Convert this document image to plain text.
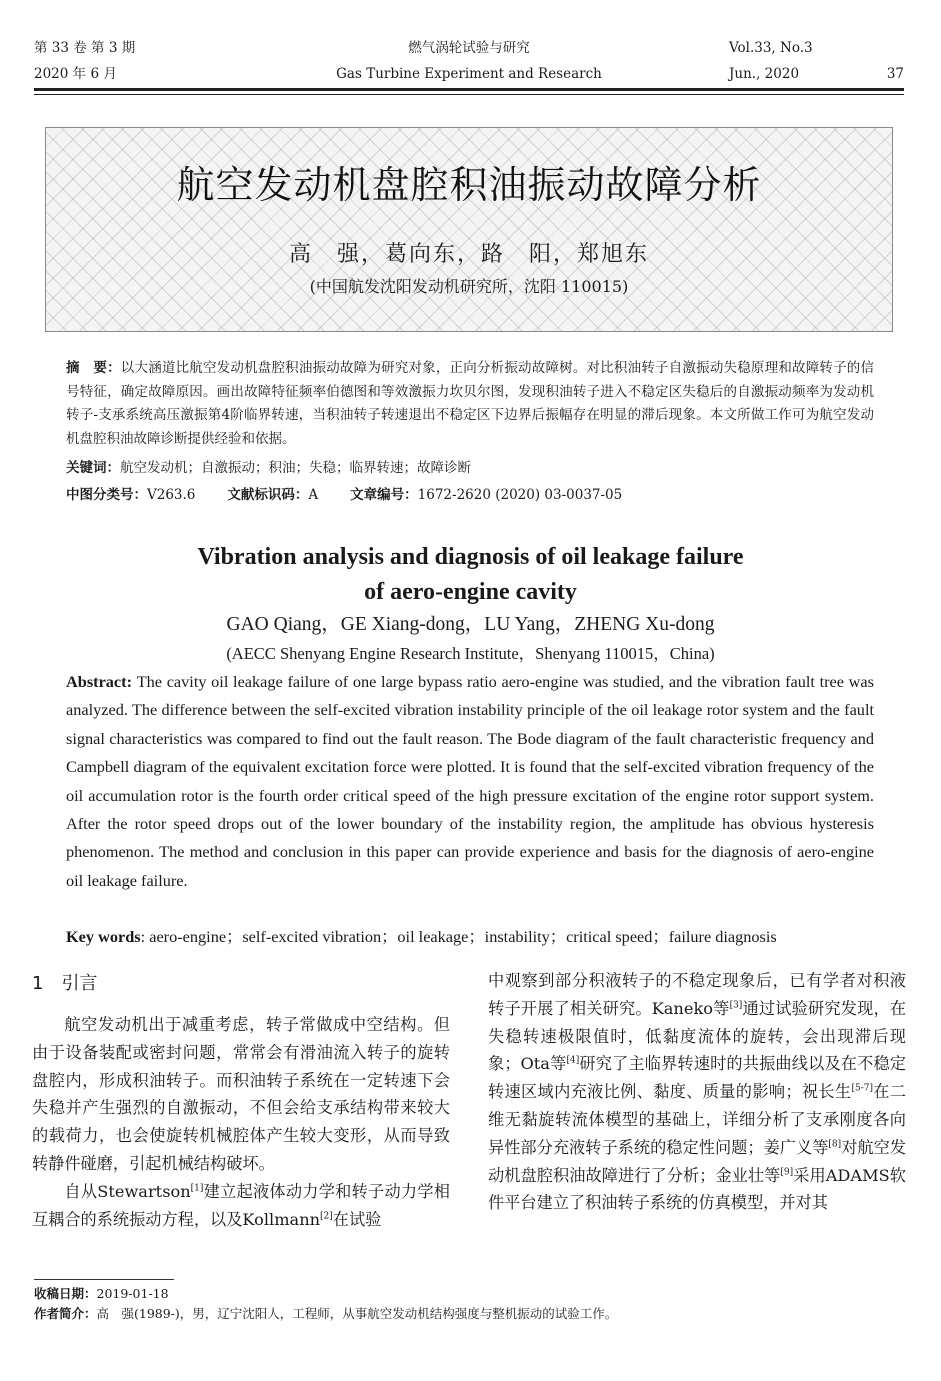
第 33 卷 第 3 期	燃气涡轮试验与研究	Vol.33, No.3
2020 年 6 月	Gas Turbine Experiment and Research	Jun., 2020	37
航空发动机盘腔积油振动故障分析
高　强，葛向东，路　阳，郑旭东
(中国航发沈阳发动机研究所，沈阳 110015)
摘　要：以大涵道比航空发动机盘腔积油振动故障为研究对象，正向分析振动故障树。对比积油转子自激振动失稳原理和故障转子的信号特征，确定故障原因。画出故障特征频率伯德图和等效激振力坎贝尔图，发现积油转子进入不稳定区失稳后的自激振动频率为发动机转子-支承系统高压激振第4阶临界转速，当积油转子转速退出不稳定区下边界后振幅存在明显的滞后现象。本文所做工作可为航空发动机盘腔积油故障诊断提供经验和依据。
关键词：航空发动机；自激振动；积油；失稳；临界转速；故障诊断
中图分类号：V263.6 文献标识码：A 文章编号：1672-2620 (2020) 03-0037-05
Vibration analysis and diagnosis of oil leakage failure
of aero-engine cavity
GAO Qiang，GE Xiang-dong，LU Yang，ZHENG Xu-dong
(AECC Shenyang Engine Research Institute，Shenyang 110015，China)
Abstract: The cavity oil leakage failure of one large bypass ratio aero-engine was studied, and the vibration fault tree was analyzed. The difference between the self-excited vibration instability principle of the oil leakage rotor system and the fault signal characteristics was compared to find out the fault reason. The Bode diagram of the fault characteristic frequency and Campbell diagram of the equivalent excitation force were plotted. It is found that the self-excited vibration frequency of the oil accumulation rotor is the fourth order critical speed of the high pressure excitation of the engine rotor support system. After the rotor speed drops out of the lower boundary of the instability region, the amplitude has obvious hysteresis phenomenon. The method and conclusion in this paper can provide experience and basis for the diagnosis of aero-engine oil leakage failure.
Key words: aero-engine；self-excited vibration；oil leakage；instability；critical speed；failure diagnosis
1　引言

航空发动机出于减重考虑，转子常做成中空结构。但由于设备装配或密封问题，常常会有滑油流入转子的旋转盘腔内，形成积油转子。而积油转子系统在一定转速下会失稳并产生强烈的自激振动，不但会给支承结构带来较大的载荷力，也会使旋转机械腔体产生较大变形，从而导致转静件碰磨，引起机械结构破坏。

自从Stewartson[1]建立起液体动力学和转子动力学相互耦合的系统振动方程，以及Kollmann[2]在试验

中观察到部分积液转子的不稳定现象后，已有学者对积液转子开展了相关研究。Kaneko等[3]通过试验研究发现，在失稳转速极限值时，低黏度流体的旋转，会出现滞后现象；Ota等[4]研究了主临界转速时的共振曲线以及在不稳定转速区域内充液比例、黏度、质量的影响；祝长生[5-7]在二维无黏旋转流体模型的基础上，详细分析了支承刚度各向异性部分充液转子系统的稳定性问题；姜广义等[8]对航空发动机盘腔积油故障进行了分析；金业壮等[9]采用ADAMS软件平台建立了积油转子系统的仿真模型，并对其

收稿日期：2019-01-18
作者简介：高　强(1989-)，男，辽宁沈阳人，工程师，从事航空发动机结构强度与整机振动的试验工作。
